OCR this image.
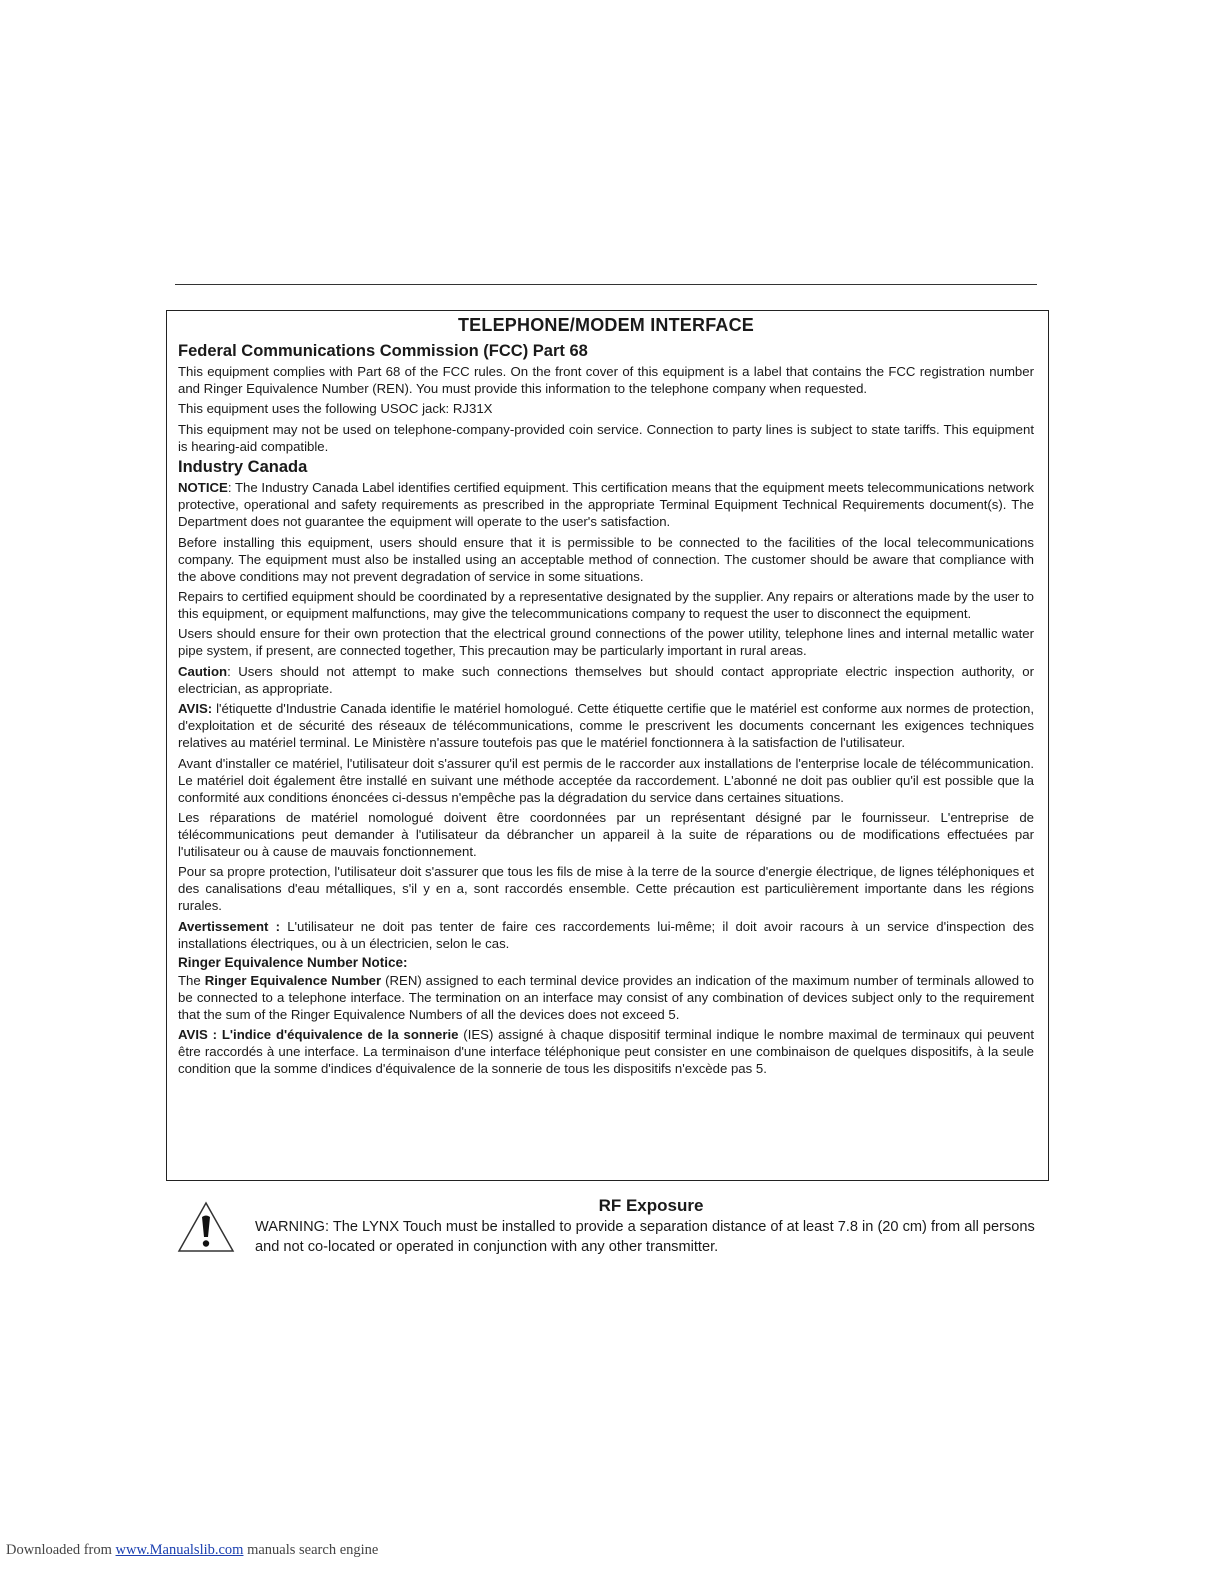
TELEPHONE/MODEM INTERFACE
Federal Communications Commission (FCC) Part 68

This equipment complies with Part 68 of the FCC rules. On the front cover of this equipment is a label that contains the FCC registration number and Ringer Equivalence Number (REN). You must provide this information to the telephone company when requested.

This equipment uses the following USOC jack: RJ31X

This equipment may not be used on telephone-company-provided coin service. Connection to party lines is subject to state tariffs. This equipment is hearing-aid compatible.

Industry Canada

NOTICE: The Industry Canada Label identifies certified equipment. This certification means that the equipment meets telecommunications network protective, operational and safety requirements as prescribed in the appropriate Terminal Equipment Technical Requirements document(s). The Department does not guarantee the equipment will operate to the user's satisfaction.

Before installing this equipment, users should ensure that it is permissible to be connected to the facilities of the local telecommunications company. The equipment must also be installed using an acceptable method of connection. The customer should be aware that compliance with the above conditions may not prevent degradation of service in some situations.

Repairs to certified equipment should be coordinated by a representative designated by the supplier. Any repairs or alterations made by the user to this equipment, or equipment malfunctions, may give the telecommunications company to request the user to disconnect the equipment.

Users should ensure for their own protection that the electrical ground connections of the power utility, telephone lines and internal metallic water pipe system, if present, are connected together, This precaution may be particularly important in rural areas.

Caution: Users should not attempt to make such connections themselves but should contact appropriate electric inspection authority, or electrician, as appropriate.

AVIS: l'étiquette d'Industrie Canada identifie le matériel homologué. Cette étiquette certifie que le matériel est conforme aux normes de protection, d'exploitation et de sécurité des réseaux de télécommunications, comme le prescrivent les documents concernant les exigences techniques relatives au matériel terminal. Le Ministère n'assure toutefois pas que le matériel fonctionnera à la satisfaction de l'utilisateur.

Avant d'installer ce matériel, l'utilisateur doit s'assurer qu'il est permis de le raccorder aux installations de l'enterprise locale de télécommunication. Le matériel doit également être installé en suivant une méthode acceptée da raccordement. L'abonné ne doit pas oublier qu'il est possible que la conformité aux conditions énoncées ci-dessus n'empêche pas la dégradation du service dans certaines situations.

Les réparations de matériel nomologué doivent être coordonnées par un représentant désigné par le fournisseur. L'entreprise de télécommunications peut demander à l'utilisateur da débrancher un appareil à la suite de réparations ou de modifications effectuées par l'utilisateur ou à cause de mauvais fonctionnement.

Pour sa propre protection, l'utilisateur doit s'assurer que tous les fils de mise à la terre de la source d'energie électrique, de lignes téléphoniques et des canalisations d'eau métalliques, s'il y en a, sont raccordés ensemble. Cette précaution est particulièrement importante dans les régions rurales.

Avertissement : L'utilisateur ne doit pas tenter de faire ces raccordements lui-même; il doit avoir racours à un service d'inspection des installations électriques, ou à un électricien, selon le cas.

Ringer Equivalence Number Notice:

The Ringer Equivalence Number (REN) assigned to each terminal device provides an indication of the maximum number of terminals allowed to be connected to a telephone interface. The termination on an interface may consist of any combination of devices subject only to the requirement that the sum of the Ringer Equivalence Numbers of all the devices does not exceed 5.

AVIS : L'indice d'équivalence de la sonnerie (IES) assigné à chaque dispositif terminal indique le nombre maximal de terminaux qui peuvent être raccordés à une interface. La terminaison d'une interface téléphonique peut consister en une combinaison de quelques dispositifs, à la seule condition que la somme d'indices d'équivalence de la sonnerie de tous les dispositifs n'excède pas 5.

RF Exposure
WARNING: The LYNX Touch must be installed to provide a separation distance of at least 7.8 in (20 cm) from all persons and not co-located or operated in conjunction with any other transmitter.
Downloaded from www.Manualslib.com manuals search engine
